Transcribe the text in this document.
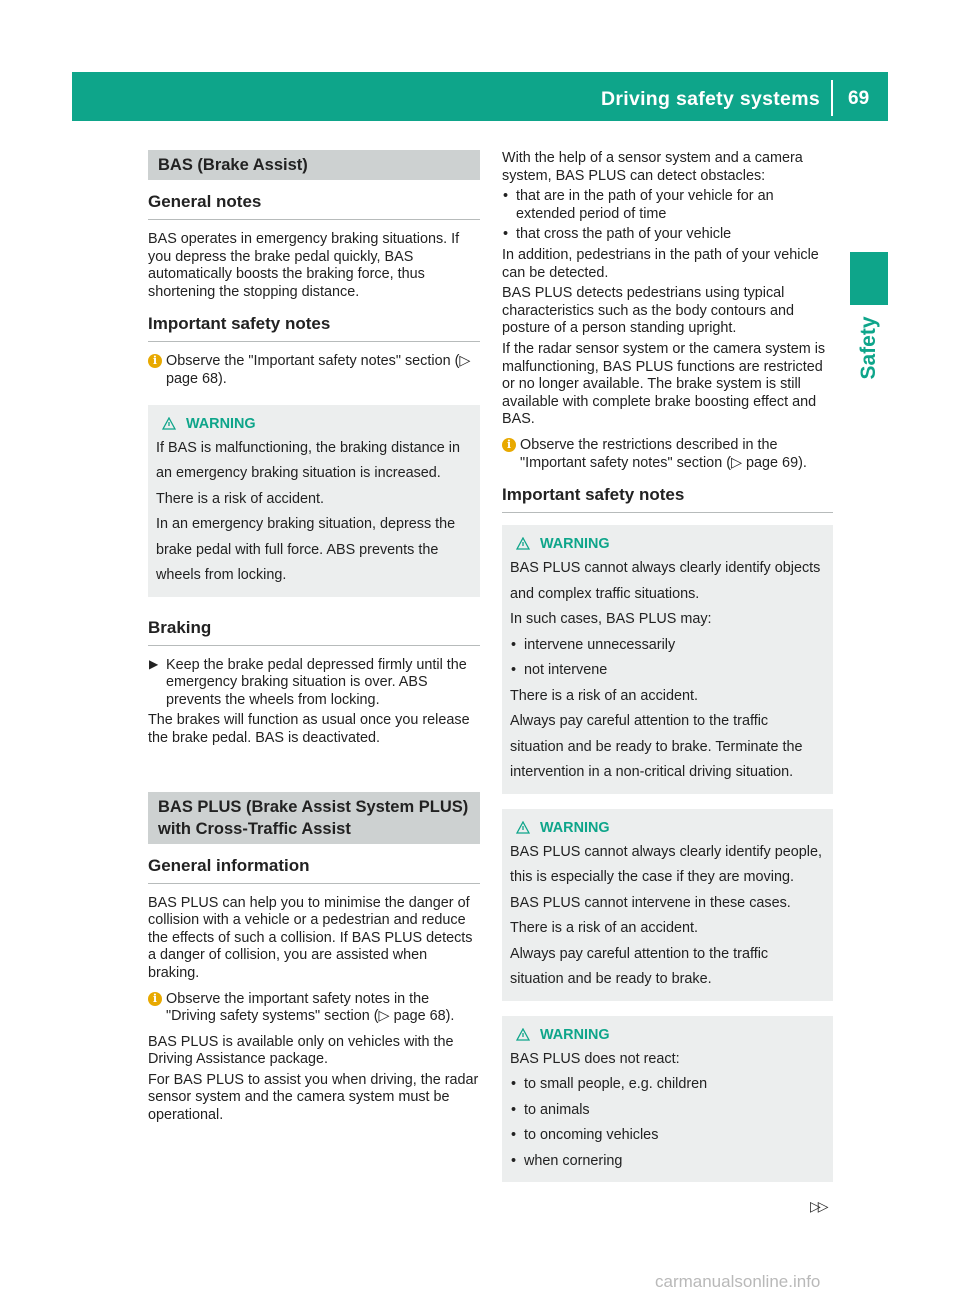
Driving safety systems 69
Safety
BAS (Brake Assist)
General notes

BAS operates in emergency braking situations. If you depress the brake pedal quickly, BAS automatically boosts the braking force, thus shortening the stopping distance.

Important safety notes
i Observe the "Important safety notes" section (▷ page 68).

WARNING

If BAS is malfunctioning, the braking distance in an emergency braking situation is increased. There is a risk of accident.

In an emergency braking situation, depress the brake pedal with full force. ABS prevents the wheels from locking.

Braking
▶ Keep the brake pedal depressed firmly until the emergency braking situation is over. ABS prevents the wheels from locking.

The brakes will function as usual once you release the brake pedal. BAS is deactivated.

BAS PLUS (Brake Assist System PLUS) with Cross-Traffic Assist
General information

BAS PLUS can help you to minimise the danger of collision with a vehicle or a pedestrian and reduce the effects of such a collision. If BAS PLUS detects a danger of collision, you are assisted when braking.

i Observe the important safety notes in the "Driving safety systems" section (▷ page 68).

BAS PLUS is available only on vehicles with the Driving Assistance package.

For BAS PLUS to assist you when driving, the radar sensor system and the camera system must be operational.

With the help of a sensor system and a camera system, BAS PLUS can detect obstacles:

• that are in the path of your vehicle for an extended period of time

• that cross the path of your vehicle

In addition, pedestrians in the path of your vehicle can be detected.

BAS PLUS detects pedestrians using typical characteristics such as the body contours and posture of a person standing upright.

If the radar sensor system or the camera system is malfunctioning, BAS PLUS functions are restricted or no longer available. The brake system is still available with complete brake boosting effect and BAS.

i Observe the restrictions described in the "Important safety notes" section (▷ page 69).

Important safety notes
WARNING

BAS PLUS cannot always clearly identify objects and complex traffic situations.

In such cases, BAS PLUS may:

• intervene unnecessarily

• not intervene

There is a risk of an accident.

Always pay careful attention to the traffic situation and be ready to brake. Terminate the intervention in a non-critical driving situation.

WARNING

BAS PLUS cannot always clearly identify people, this is especially the case if they are moving. BAS PLUS cannot intervene in these cases. There is a risk of an accident.

Always pay careful attention to the traffic situation and be ready to brake.

WARNING

BAS PLUS does not react:

• to small people, e.g. children

• to animals

• to oncoming vehicles

• when cornering

▷▷
carmanualsonline.info
